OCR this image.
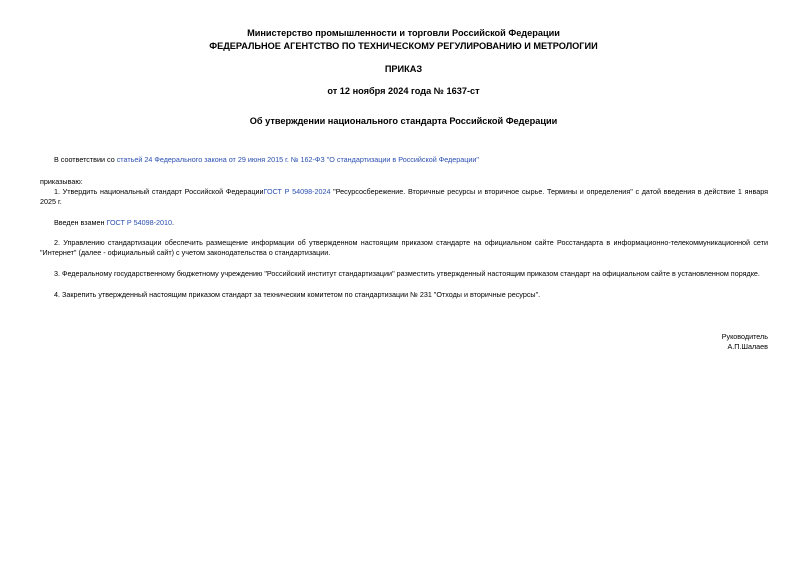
Министерство промышленности и торговли Российской Федерации
ФЕДЕРАЛЬНОЕ АГЕНТСТВО ПО ТЕХНИЧЕСКОМУ РЕГУЛИРОВАНИЮ И МЕТРОЛОГИИ
ПРИКАЗ
от 12 ноября 2024 года № 1637-ст
Об утверждении национального стандарта Российской Федерации
В соответствии со статьей 24 Федерального закона от 29 июня 2015 г. № 162-ФЗ "О стандартизации в Российской Федерации"
приказываю:
1. Утвердить национальный стандарт Российской ФедерацииГОСТ Р 54098-2024 "Ресурсосбережение. Вторичные ресурсы и вторичное сырье. Термины и определения" с датой введения в действие 1 января 2025 г.
Введен взамен ГОСТ Р 54098-2010.
2. Управлению стандартизации обеспечить размещение информации об утвержденном настоящим приказом стандарте на официальном сайте Росстандарта в информационно-телекоммуникационной сети "Интернет" (далее - официальный сайт) с учетом законодательства о стандартизации.
3. Федеральному государственному бюджетному учреждению "Российский институт стандартизации" разместить утвержденный настоящим приказом стандарт на официальном сайте в установленном порядке.
4. Закрепить утвержденный настоящим приказом стандарт за техническим комитетом по стандартизации № 231 "Отходы и вторичные ресурсы".
Руководитель
А.П.Шалаев
